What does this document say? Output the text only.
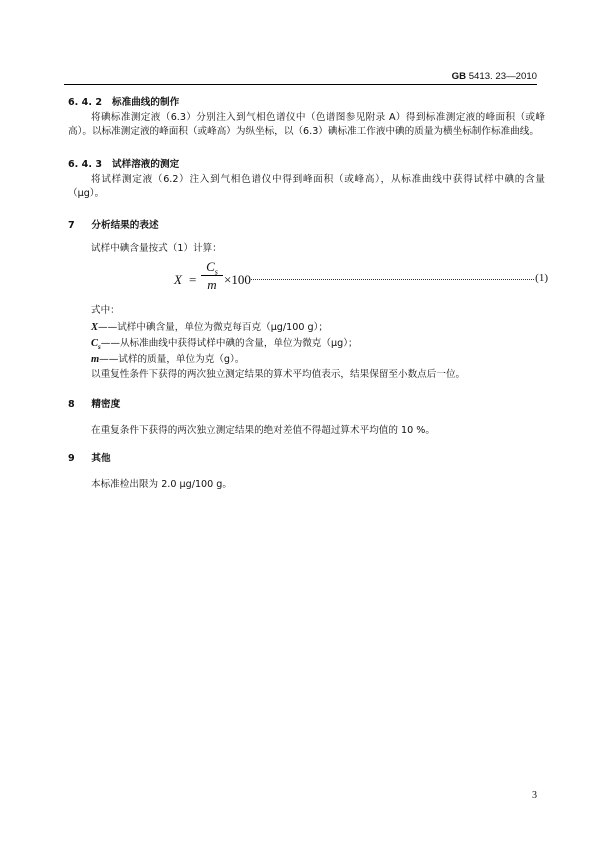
GB 5413. 23—2010
6. 4. 2 标准曲线的制作
将碘标准测定液（6.3）分别注入到气相色谱仪中（色谱图参见附录 A）得到标准测定液的峰面积（或峰高）。以标准测定液的峰面积（或峰高）为纵坐标，以（6.3）碘标准工作液中碘的质量为横坐标制作标准曲线。
6. 4. 3 试样溶液的测定
将试样测定液（6.2）注入到气相色谱仪中得到峰面积（或峰高），从标准曲线中获得试样中碘的含量（μg）。
7 分析结果的表述
试样中碘含量按式（1）计算：
X =
$C_s$
m ×100	(1)
式中：
X——试样中碘含量，单位为微克每百克（μg/100 g）；
$C_s——$从标准曲线中获得试样中碘的含量，单位为微克（μg）；
m——试样的质量，单位为克（g）。
以重复性条件下获得的两次独立测定结果的算术平均值表示，结果保留至小数点后一位。
8 精密度
在重复条件下获得的两次独立测定结果的绝对差值不得超过算术平均值的 10 %。
9 其他
本标准检出限为 2.0 μg/100 g。
3
